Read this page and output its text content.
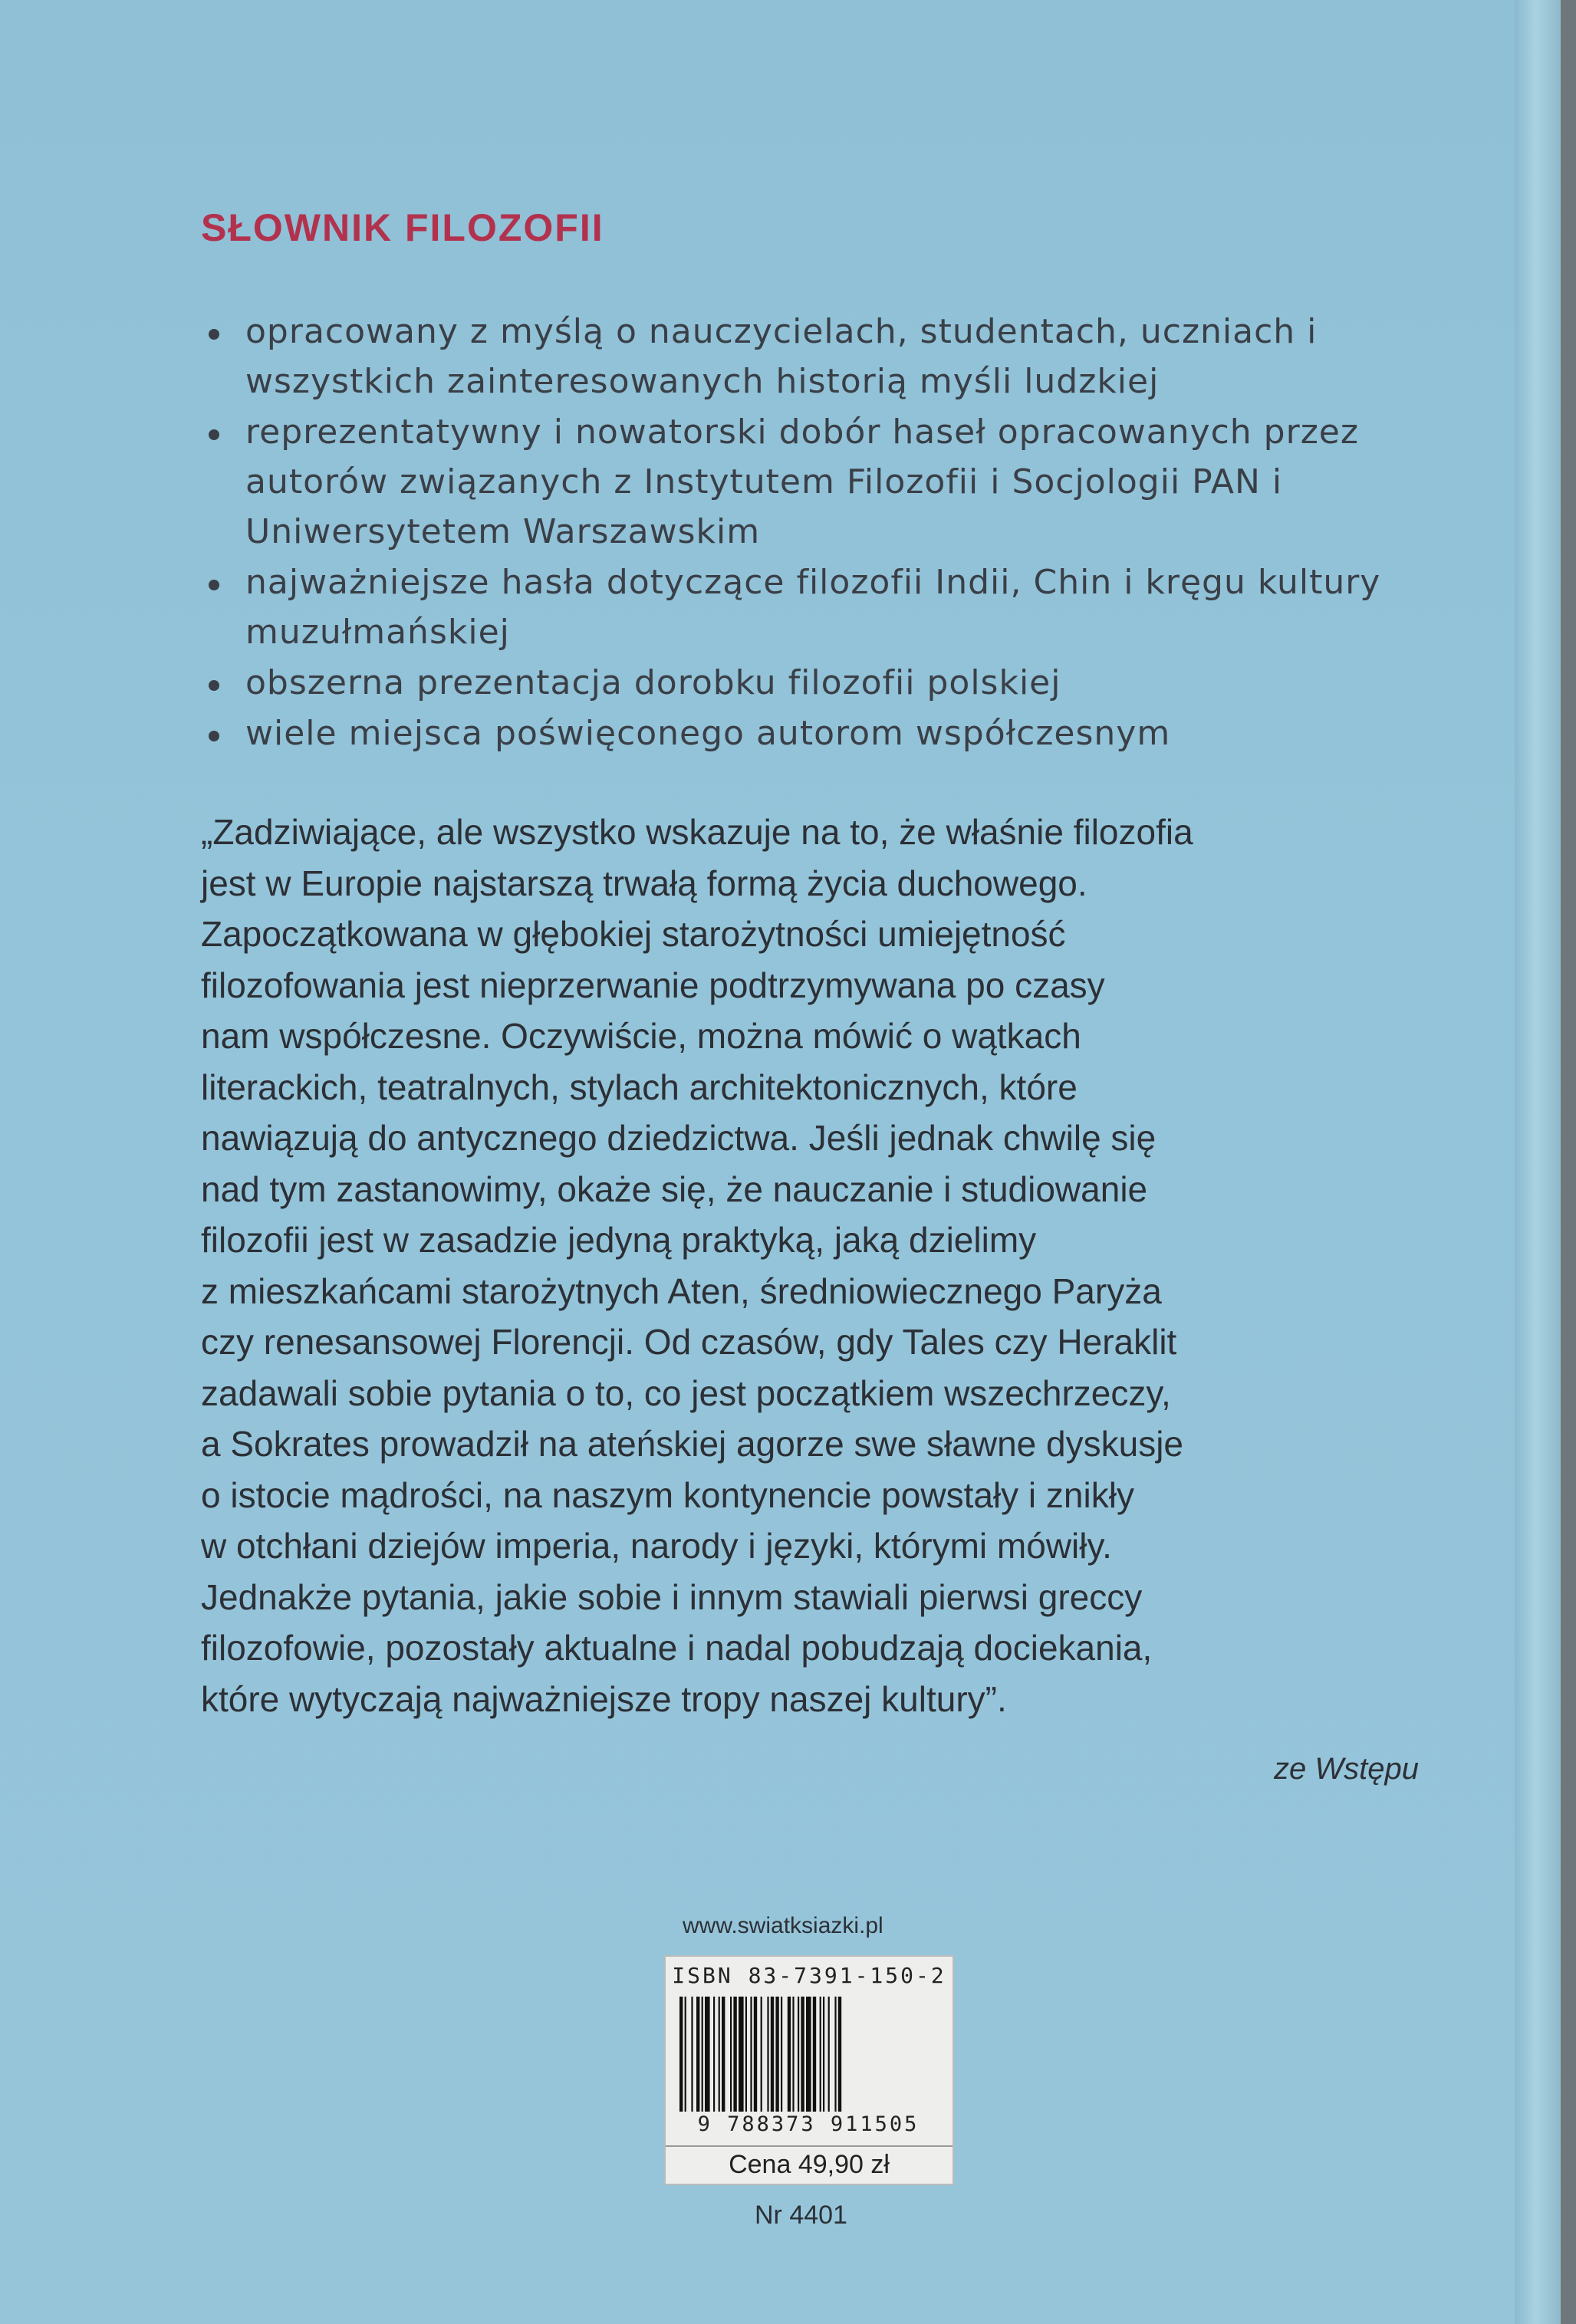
SŁOWNIK FILOZOFII
opracowany z myślą o nauczycielach, studentach, uczniach i wszystkich zainteresowanych historią myśli ludzkiej
reprezentatywny i nowatorski dobór haseł opracowanych przez autorów związanych z Instytutem Filozofii i Socjologii PAN i Uniwersytetem Warszawskim
najważniejsze hasła dotyczące filozofii Indii, Chin i kręgu kultury muzułmańskiej
obszerna prezentacja dorobku filozofii polskiej
wiele miejsca poświęconego autorom współczesnym

„Zadziwiające, ale wszystko wskazuje na to, że właśnie filozofia
jest w Europie najstarszą trwałą formą życia duchowego.
Zapoczątkowana w głębokiej starożytności umiejętność
filozofowania jest nieprzerwanie podtrzymywana po czasy
nam współczesne. Oczywiście, można mówić o wątkach
literackich, teatralnych, stylach architektonicznych, które
nawiązują do antycznego dziedzictwa. Jeśli jednak chwilę się
nad tym zastanowimy, okaże się, że nauczanie i studiowanie
filozofii jest w zasadzie jedyną praktyką, jaką dzielimy
z mieszkańcami starożytnych Aten, średniowiecznego Paryża
czy renesansowej Florencji. Od czasów, gdy Tales czy Heraklit
zadawali sobie pytania o to, co jest początkiem wszechrzeczy,
a Sokrates prowadził na ateńskiej agorze swe sławne dyskusje
o istocie mądrości, na naszym kontynencie powstały i znikły
w otchłani dziejów imperia, narody i języki, którymi mówiły.
Jednakże pytania, jakie sobie i innym stawiali pierwsi greccy
filozofowie, pozostały aktualne i nadal pobudzają dociekania,
które wytyczają najważniejsze tropy naszej kultury”.

ze Wstępu
www.swiatksiazki.pl
ISBN 83-7391-150-2
9 788373 911505
Cena 49,90 zł
Nr 4401
